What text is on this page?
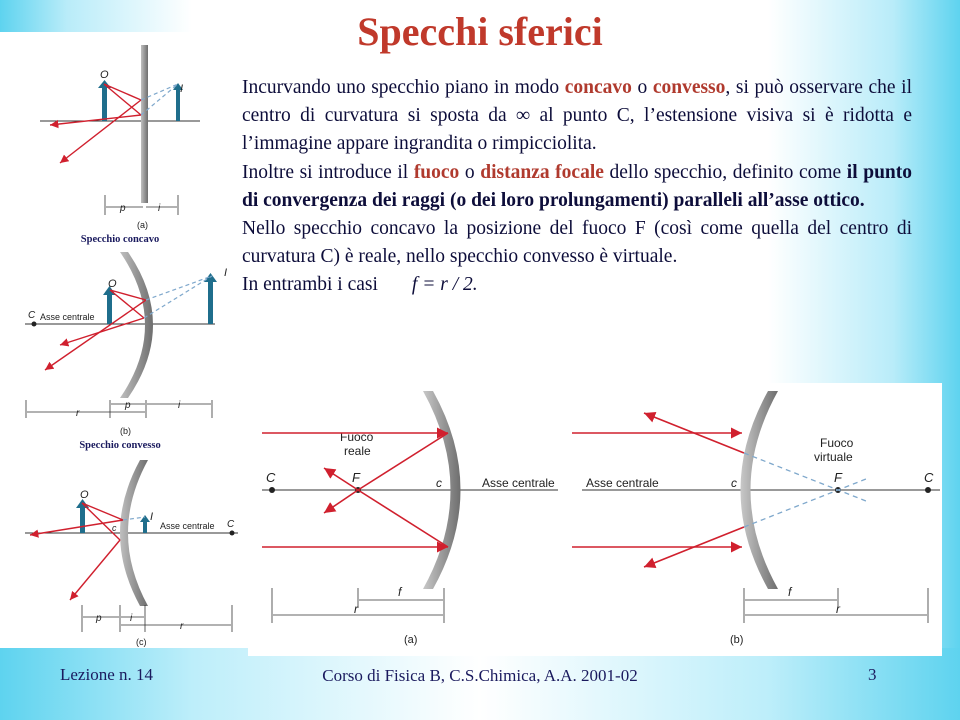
Specchi sferici
O
I
p	i
(a)
C Asse centrale
O
I
r
p	i
(b)
C
Asse centrale
O
I
c
p	i
r
(c)
Specchio concavo
Specchio convesso

Incurvando uno specchio piano in modo concavo o convesso, si può osservare che il centro di curvatura si sposta da ∞ al punto C, l’estensione visiva si è ridotta e l’immagine appare ingrandita o rimpicciolita.

Inoltre si introduce il fuoco o distanza focale dello specchio, definito come il punto di convergenza dei raggi (o dei loro prolungamenti) paralleli all’asse ottico.

Nello specchio concavo la posizione del fuoco F (così come quella del centro di curvatura C) è reale, nello specchio convesso è virtuale.

In entrambi i casi f = r / 2.

C	F	c
Fuoco
reale
Asse centrale
f
r
(a)
C
Asse centrale	c	F
Fuoco
virtuale
f
r
(b)
Lezione n. 14	Corso di Fisica B, C.S.Chimica, A.A. 2001-02	3
